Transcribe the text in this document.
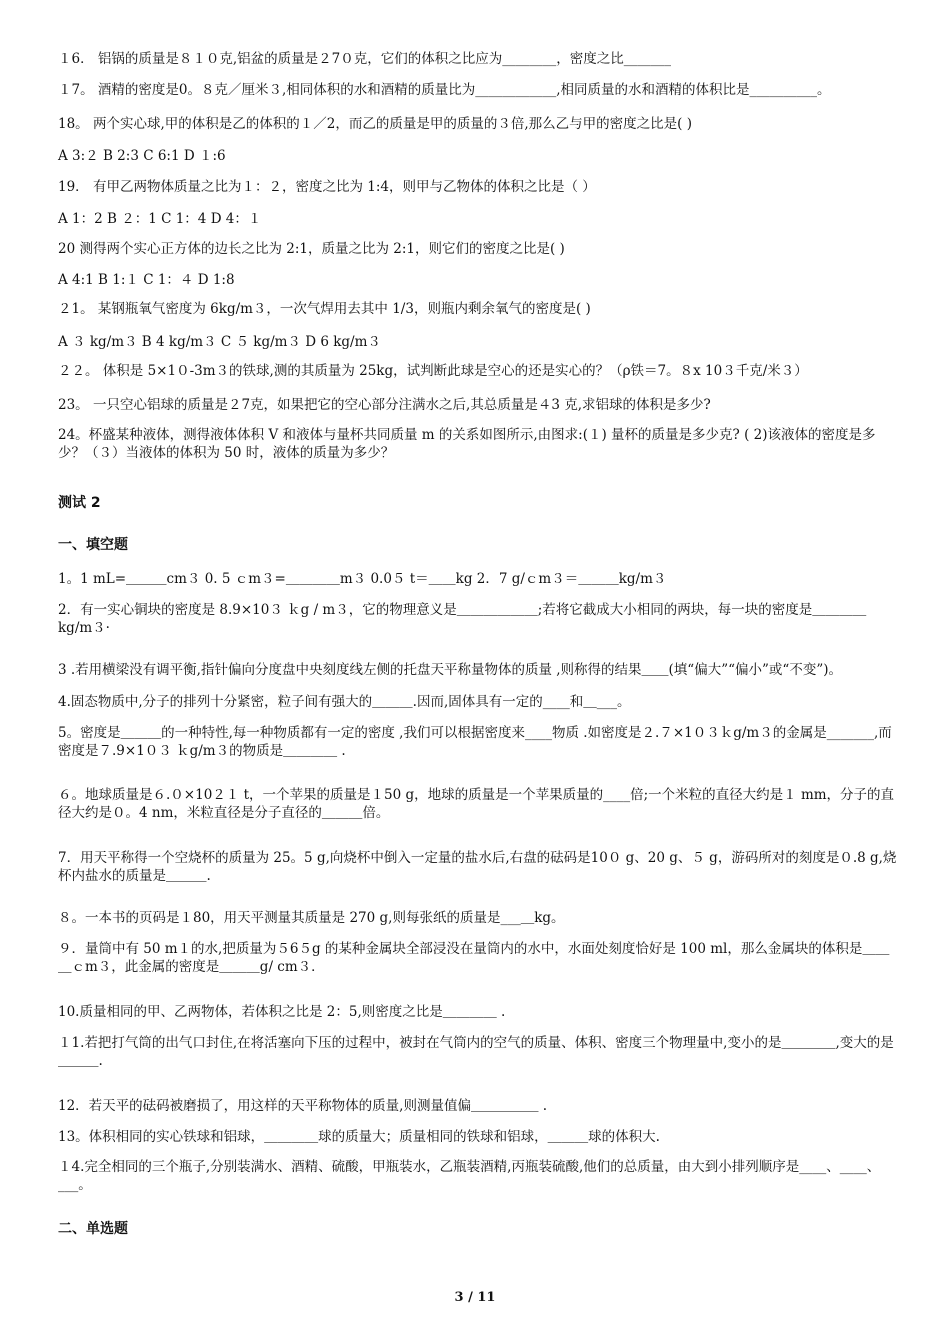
１6． 铝锅的质量是８１０克,铝盆的质量是２7０克，它们的体积之比应为________，密度之比_______
１7。 酒精的密度是0。８克／厘米３,相同体积的水和酒精的质量比为____________,相同质量的水和酒精的体积比是__________。
18。 两个实心球,甲的体积是乙的体积的１／2，而乙的质量是甲的质量的３倍,那么乙与甲的密度之比是( )
A 3:２ B 2:3 C 6:1 D １:6
19． 有甲乙两物体质量之比为１：２，密度之比为 1:4，则甲与乙物体的体积之比是（ ）
A 1：2 B ２：1 C 1：4 D 4：１
20 测得两个实心正方体的边长之比为 2:1，质量之比为 2:1，则它们的密度之比是( )
A 4:1 B 1:１ C 1：４ D 1:8
２1。 某钢瓶氧气密度为 6kg/m３，一次气焊用去其中 1/3，则瓶内剩余氧气的密度是( )
A ３ kg/m３ B 4 kg/m３ C ５ kg/m３ D 6 kg/m３
２２。 体积是 5×1０-3m３的铁球,测的其质量为 25kg，试判断此球是空心的还是实心的？（ρ铁＝7。８x 10３千克/米３）
23。 一只空心铝球的质量是２7克，如果把它的空心部分注满水之后,其总质量是４3 克,求铝球的体积是多少?
24。杯盛某种液体，测得液体体积 V 和液体与量杯共同质量 m 的关系如图所示,由图求:(１) 量杯的质量是多少克? ( 2)该液体的密度是多少？（３）当液体的体积为 50 时，液体的质量为多少？
测试 2
一、填空题
1。1 mL=＿＿＿cm３ 0. 5 ｃm３=＿＿＿＿m３ 0.0５ t＝＿＿kg 2．7 g/ｃm３＝＿＿＿kg/m３
2．有一实心铜块的密度是 8.9×10３ ｋg / m３，它的物理意义是＿＿＿＿＿＿;若将它截成大小相同的两块，每一块的密度是＿＿＿＿kg/m３·
3 .若用横梁没有调平衡,指针偏向分度盘中央刻度线左侧的托盘天平称量物体的质量 ,则称得的结果＿＿(填“偏大”“偏小”或“不变”)。
4.固态物质中,分子的排列十分紧密，粒子间有强大的＿＿＿.因而,固体具有一定的____和＿___。
5。密度是＿＿＿的一种特性,每一种物质都有一定的密度 ,我们可以根据密度来____物质 .如密度是２.７×1０３ｋg/m３的金属是_______,而密度是７.9×1０３ ｋg/m３的物质是＿＿＿＿ .
６。地球质量是６.０×10２１ t，一个苹果的质量是１50 g，地球的质量是一个苹果质量的____倍;一个米粒的直径大约是１ mm，分子的直径大约是０。4 nm，米粒直径是分子直径的＿＿＿倍。
7．用天平称得一个空烧杯的质量为 25。5 g,向烧杯中倒入一定量的盐水后,右盘的砝码是10０ g、20 g、５ g，游码所对的刻度是０.8 g,烧杯内盐水的质量是＿＿＿.
８。一本书的页码是１80，用天平测量其质量是 270 g,则每张纸的质量是___＿kg。
９．量筒中有 50 m１的水,把质量为５6５g 的某种金属块全部浸没在量筒内的水中，水面处刻度恰好是 100 ml，那么金属块的体积是＿＿＿ｃm３，此金属的密度是＿＿＿g/ cm３．
10.质量相同的甲、乙两物体，若体积之比是 2：5,则密度之比是＿＿＿＿ .
１1.若把打气筒的出气口封住,在将活塞向下压的过程中，被封在气筒内的空气的质量、体积、密度三个物理量中,变小的是＿＿＿＿,变大的是＿＿＿.
12．若天平的砝码被磨损了，用这样的天平称物体的质量,则测量值偏＿＿＿＿＿ .
13。体积相同的实心铁球和铝球，＿＿＿＿球的质量大；质量相同的铁球和铝球，＿＿＿球的体积大.
１4.完全相同的三个瓶子,分别装满水、酒精、硫酸，甲瓶装水，乙瓶装酒精,丙瓶装硫酸,他们的总质量，由大到小排列顺序是____、____、___。
二、单选题
3 / 11
